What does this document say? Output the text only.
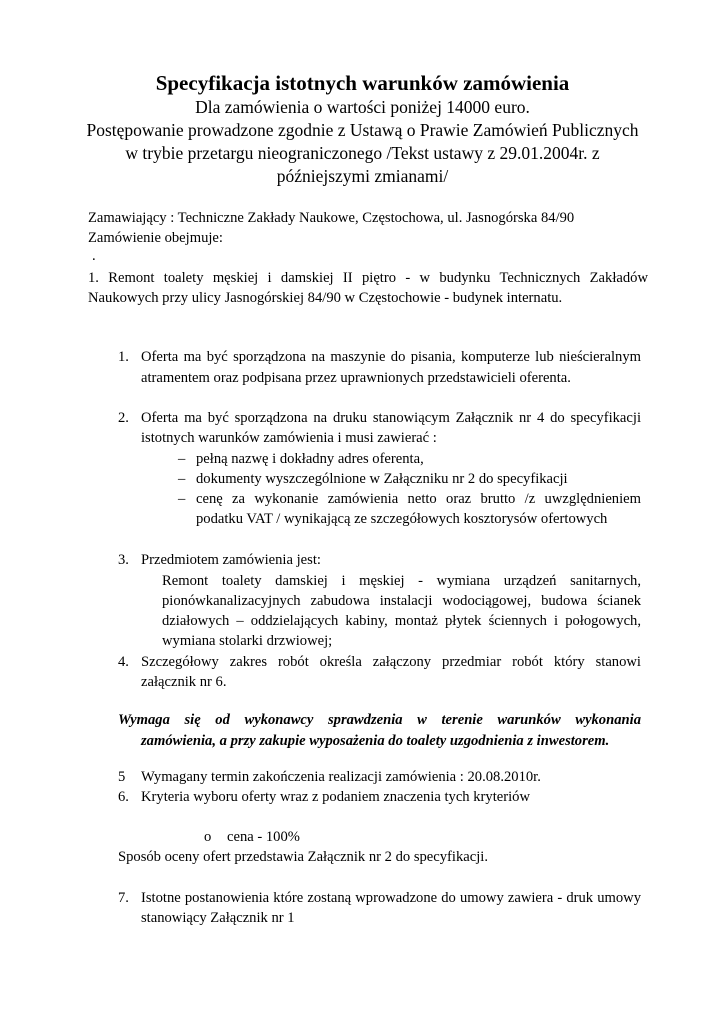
Specyfikacja istotnych warunków zamówienia
Dla zamówienia o wartości poniżej 14000 euro.
Postępowanie prowadzone zgodnie z Ustawą o Prawie Zamówień Publicznych
w trybie przetargu nieograniczonego /Tekst ustawy z 29.01.2004r. z
późniejszymi zmianami/
Zamawiający : Techniczne Zakłady Naukowe, Częstochowa, ul. Jasnogórska 84/90
Zamówienie obejmuje:
.
1. Remont toalety męskiej i damskiej II piętro - w budynku Technicznych Zakładów
Naukowych przy ulicy Jasnogórskiej 84/90 w Częstochowie - budynek internatu.
1. Oferta ma być sporządzona na maszynie do pisania, komputerze lub nieścieralnym
atramentem oraz podpisana przez uprawnionych przedstawicieli oferenta.
2. Oferta ma być sporządzona na druku stanowiącym Załącznik nr 4 do specyfikacji
istotnych warunków zamówienia i musi zawierać :
– pełną nazwę i dokładny adres oferenta,
– dokumenty wyszczególnione w Załączniku nr 2 do specyfikacji
– cenę za wykonanie zamówienia netto oraz brutto /z uwzględnieniem
podatku VAT / wynikającą ze szczegółowych kosztorysów ofertowych
3. Przedmiotem zamówienia jest:
Remont toalety damskiej i męskiej - wymiana urządzeń sanitarnych,
pionówkanalizacyjnych zabudowa instalacji wodociągowej, budowa ścianek
działowych – oddzielających kabiny, montaż płytek ściennych i połogowych,
wymiana stolarki drzwiowej;
4. Szczegółowy zakres robót określa załączony przedmiar robót który stanowi
załącznik nr 6.
Wymaga się od wykonawcy sprawdzenia w terenie warunków wykonania
zamówienia, a przy zakupie wyposażenia do toalety uzgodnienia z inwestorem.
5	Wymagany termin zakończenia realizacji zamówienia : 20.08.2010r.
6. Kryteria wyboru oferty wraz z podaniem znaczenia tych kryteriów
o cena - 100%
Sposób oceny ofert przedstawia Załącznik nr 2 do specyfikacji.
7. Istotne postanowienia które zostaną wprowadzone do umowy zawiera - druk umowy
stanowiący Załącznik nr 1
